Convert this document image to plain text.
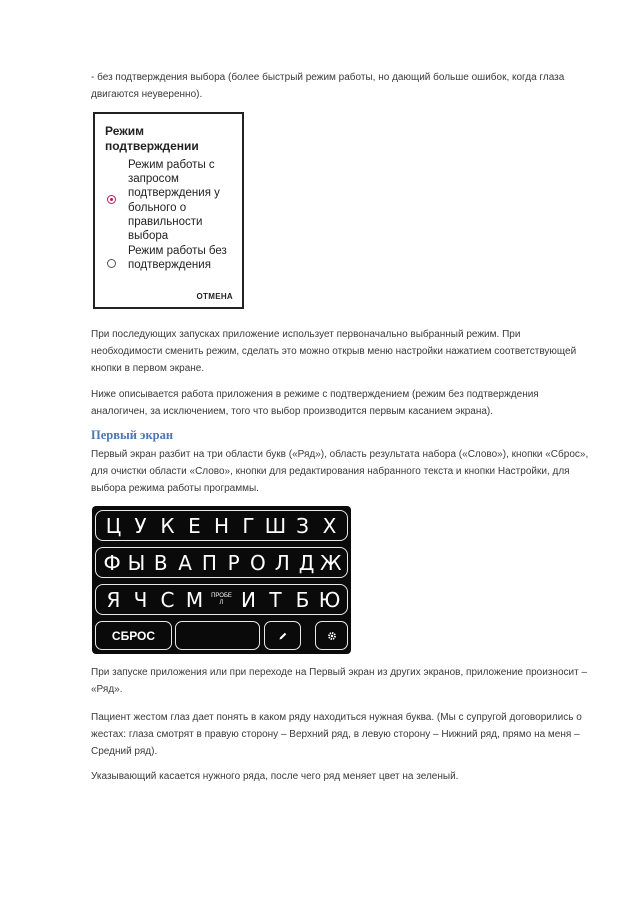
- без подтверждения выбора (более быстрый режим работы, но дающий больше ошибок, когда глаза двигаются неуверенно).

Режим подтверждении
Режим работы с запросом подтверждения у больного о правильности выбора
Режим работы без подтверждения
ОТМЕНА

При последующих запусках приложение использует первоначально выбранный режим. При необходимости сменить режим, сделать это можно открыв меню настройки нажатием соответствующей кнопки в первом экране.

Ниже описывается работа приложения в режиме с подтверждением (режим без подтверждения аналогичен, за исключением, того что выбор производится первым касанием экрана).

Первый экран

Первый экран разбит на три области букв («Ряд»), область результата набора («Слово»), кнопки «Сброс», для очистки области «Слово», кнопки для редактирования набранного текста и кнопки Настройки, для выбора режима работы программы.

Ц У К Е Н Г Ш З Х
Ф Ы В А П Р О Л Д Ж
Я Ч С М	ПРОБЕ
Л И Т Б Ю
СБРОС

При запуске приложения или при переходе на Первый экран из других экранов, приложение произносит – «Ряд».

Пациент жестом глаз дает понять в каком ряду находиться нужная буква. (Мы с супругой договорились о жестах: глаза смотрят в правую сторону – Верхний ряд, в левую сторону – Нижний ряд, прямо на меня – Средний ряд).

Указывающий касается нужного ряда, после чего ряд меняет цвет на зеленый.
